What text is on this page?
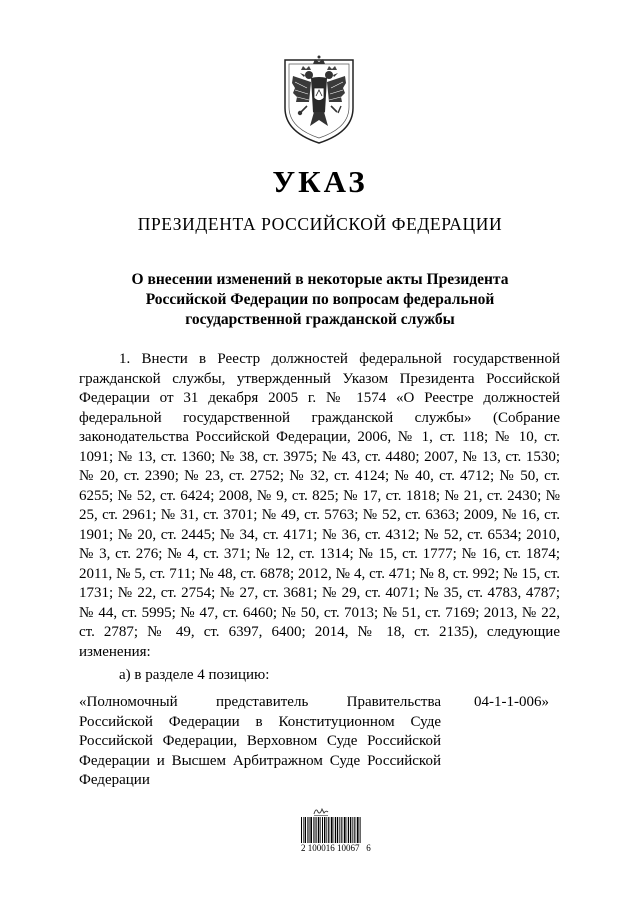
УКАЗ
ПРЕЗИДЕНТА РОССИЙСКОЙ ФЕДЕРАЦИИ
О внесении изменений в некоторые акты Президента Российской Федерации по вопросам федеральной государственной гражданской службы

1. Внести в Реестр должностей федеральной государственной гражданской службы, утвержденный Указом Президента Российской Федерации от 31 декабря 2005 г. № 1574 «О Реестре должностей федеральной государственной гражданской службы» (Собрание законодательства Российской Федерации, 2006, № 1, ст. 118; № 10, ст. 1091; № 13, ст. 1360; № 38, ст. 3975; № 43, ст. 4480; 2007, № 13, ст. 1530; № 20, ст. 2390; № 23, ст. 2752; № 32, ст. 4124; № 40, ст. 4712; № 50, ст. 6255; № 52, ст. 6424; 2008, № 9, ст. 825; № 17, ст. 1818; № 21, ст. 2430; № 25, ст. 2961; № 31, ст. 3701; № 49, ст. 5763; № 52, ст. 6363; 2009, № 16, ст. 1901; № 20, ст. 2445; № 34, ст. 4171; № 36, ст. 4312; № 52, ст. 6534; 2010, № 3, ст. 276; № 4, ст. 371; № 12, ст. 1314; № 15, ст. 1777; № 16, ст. 1874; 2011, № 5, ст. 711; № 48, ст. 6878; 2012, № 4, ст. 471; № 8, ст. 992; № 15, ст. 1731; № 22, ст. 2754; № 27, ст. 3681; № 29, ст. 4071; № 35, ст. 4783, 4787; № 44, ст. 5995; № 47, ст. 6460; № 50, ст. 7013; № 51, ст. 7169; 2013, № 22, ст. 2787; № 49, ст. 6397, 6400; 2014, № 18, ст. 2135), следующие изменения:

а) в разделе 4 позицию:

«Полномочный представитель Правительства Российской Федерации в Конституционном Суде Российской Федерации, Верховном Суде Российской Федерации и Высшем Арбитражном Суде Российской Федерации

04-1-1-006»
2 100016 10067   6
